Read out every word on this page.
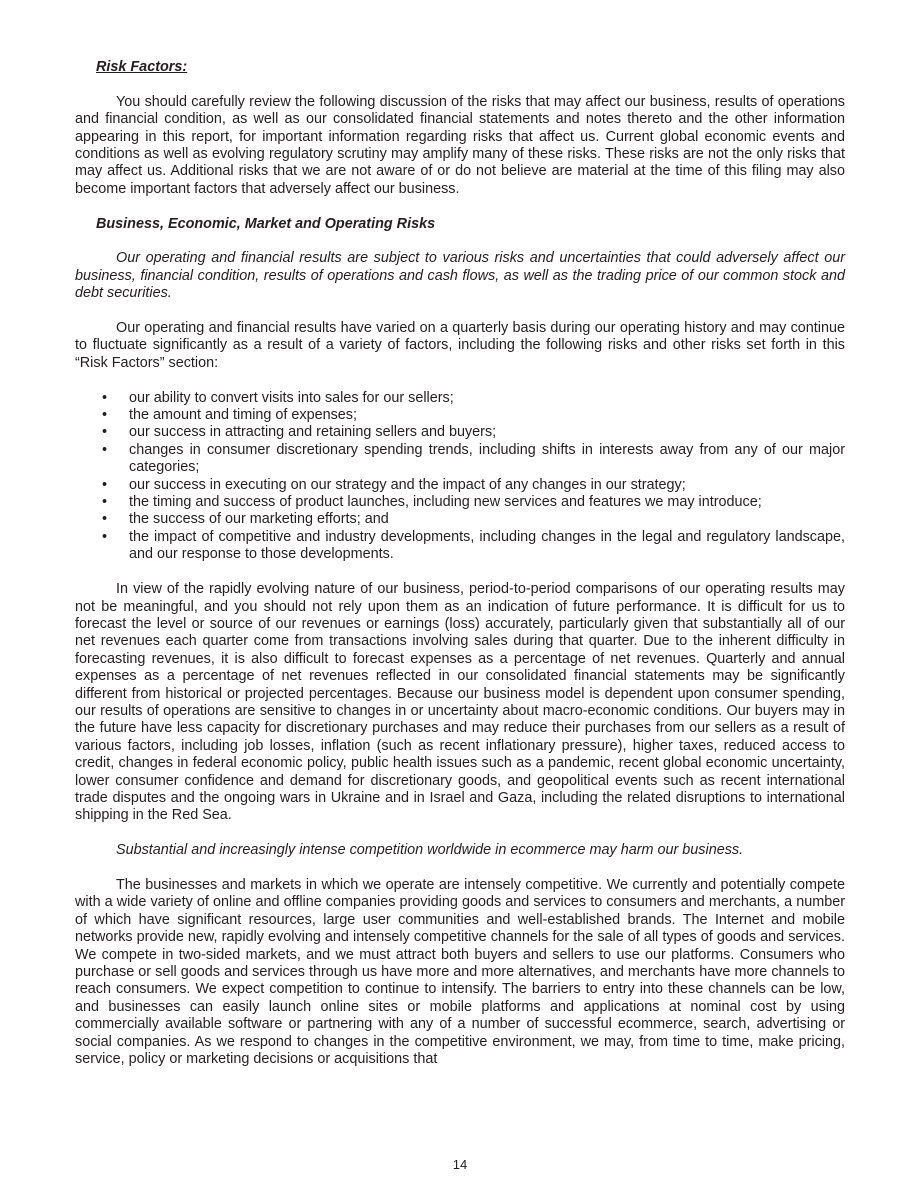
Risk Factors:

You should carefully review the following discussion of the risks that may affect our business, results of operations and financial condition, as well as our consolidated financial statements and notes thereto and the other information appearing in this report, for important information regarding risks that affect us. Current global economic events and conditions as well as evolving regulatory scrutiny may amplify many of these risks. These risks are not the only risks that may affect us. Additional risks that we are not aware of or do not believe are material at the time of this filing may also become important factors that adversely affect our business.

Business, Economic, Market and Operating Risks

Our operating and financial results are subject to various risks and uncertainties that could adversely affect our business, financial condition, results of operations and cash flows, as well as the trading price of our common stock and debt securities.

Our operating and financial results have varied on a quarterly basis during our operating history and may continue to fluctuate significantly as a result of a variety of factors, including the following risks and other risks set forth in this “Risk Factors” section:

• our ability to convert visits into sales for our sellers;
• the amount and timing of expenses;
• our success in attracting and retaining sellers and buyers;
• changes in consumer discretionary spending trends, including shifts in interests away from any of our major categories;
• our success in executing on our strategy and the impact of any changes in our strategy;
• the timing and success of product launches, including new services and features we may introduce;
• the success of our marketing efforts; and
• the impact of competitive and industry developments, including changes in the legal and regulatory landscape, and our response to those developments.

In view of the rapidly evolving nature of our business, period-to-period comparisons of our operating results may not be meaningful, and you should not rely upon them as an indication of future performance. It is difficult for us to forecast the level or source of our revenues or earnings (loss) accurately, particularly given that substantially all of our net revenues each quarter come from transactions involving sales during that quarter. Due to the inherent difficulty in forecasting revenues, it is also difficult to forecast expenses as a percentage of net revenues. Quarterly and annual expenses as a percentage of net revenues reflected in our consolidated financial statements may be significantly different from historical or projected percentages. Because our business model is dependent upon consumer spending, our results of operations are sensitive to changes in or uncertainty about macro-economic conditions. Our buyers may in the future have less capacity for discretionary purchases and may reduce their purchases from our sellers as a result of various factors, including job losses, inflation (such as recent inflationary pressure), higher taxes, reduced access to credit, changes in federal economic policy, public health issues such as a pandemic, recent global economic uncertainty, lower consumer confidence and demand for discretionary goods, and geopolitical events such as recent international trade disputes and the ongoing wars in Ukraine and in Israel and Gaza, including the related disruptions to international shipping in the Red Sea.

Substantial and increasingly intense competition worldwide in ecommerce may harm our business.

The businesses and markets in which we operate are intensely competitive. We currently and potentially compete with a wide variety of online and offline companies providing goods and services to consumers and merchants, a number of which have significant resources, large user communities and well-established brands. The Internet and mobile networks provide new, rapidly evolving and intensely competitive channels for the sale of all types of goods and services. We compete in two-sided markets, and we must attract both buyers and sellers to use our platforms. Consumers who purchase or sell goods and services through us have more and more alternatives, and merchants have more channels to reach consumers. We expect competition to continue to intensify. The barriers to entry into these channels can be low, and businesses can easily launch online sites or mobile platforms and applications at nominal cost by using commercially available software or partnering with any of a number of successful ecommerce, search, advertising or social companies. As we respond to changes in the competitive environment, we may, from time to time, make pricing, service, policy or marketing decisions or acquisitions that

14
